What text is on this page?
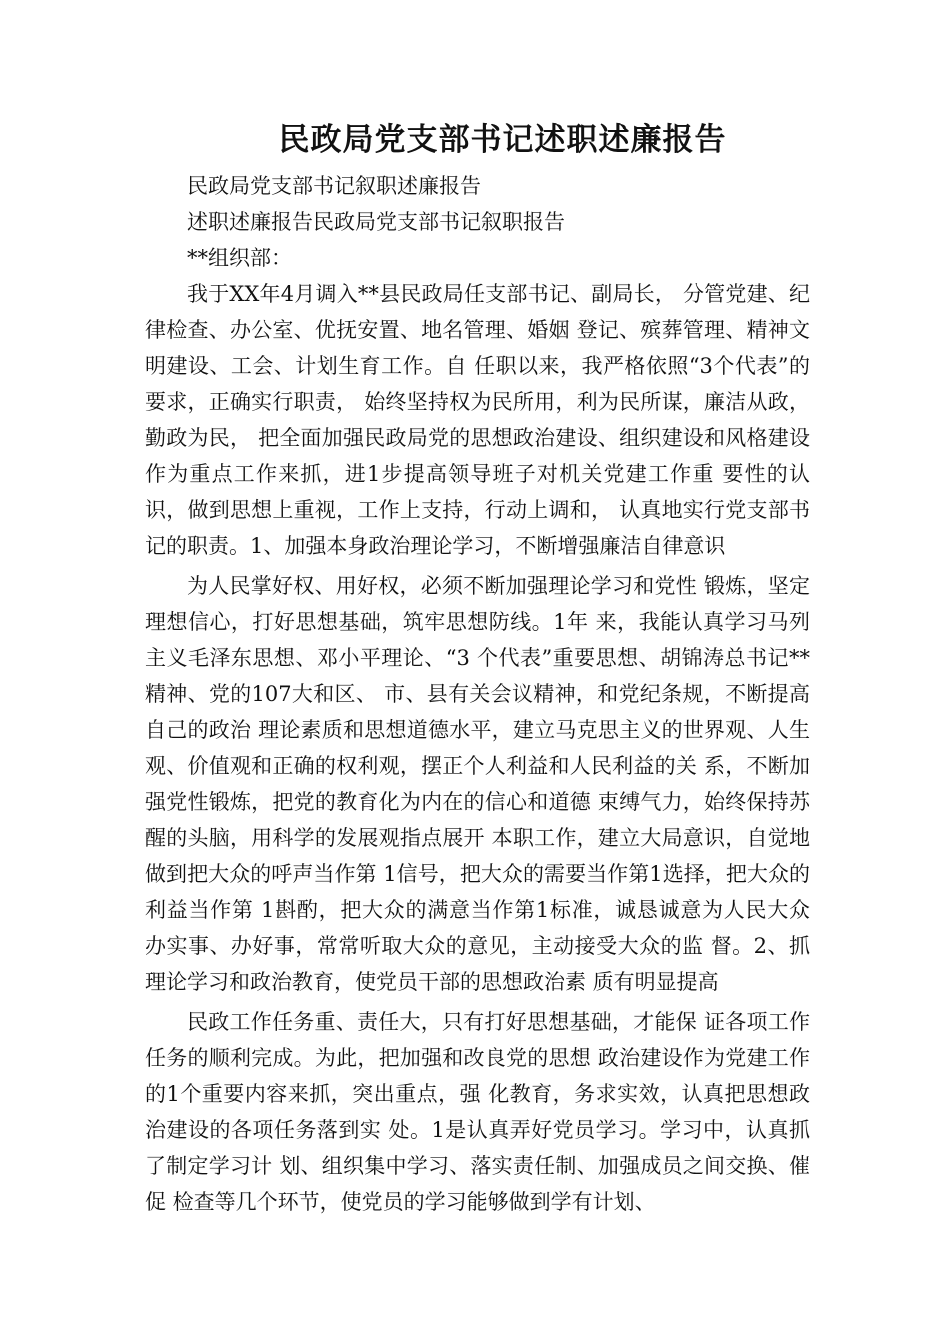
民政局党支部书记述职述廉报告

民政局党支部书记叙职述廉报告

述职述廉报告民政局党支部书记叙职报告

**组织部：

我于XX年4月调入**县民政局任支部书记、副局长， 分管党建、纪律检查、办公室、优抚安置、地名管理、婚姻 登记、殡葬管理、精神文明建设、工会、计划生育工作。自 任职以来，我严格依照“3个代表”的要求，正确实行职责， 始终坚持权为民所用，利为民所谋，廉洁从政，勤政为民， 把全面加强民政局党的思想政治建设、组织建设和风格建设 作为重点工作来抓，进1步提高领导班子对机关党建工作重 要性的认识，做到思想上重视，工作上支持，行动上调和， 认真地实行党支部书记的职责。1、加强本身政治理论学习，不断增强廉洁自律意识

为人民掌好权、用好权，必须不断加强理论学习和党性 锻炼，坚定理想信心，打好思想基础，筑牢思想防线。1年 来，我能认真学习马列主义毛泽东思想、邓小平理论、“3 个代表”重要思想、胡锦涛总书记**精神、党的107大和区、 市、县有关会议精神，和党纪条规，不断提高自己的政治 理论素质和思想道德水平，建立马克思主义的世界观、人生 观、价值观和正确的权利观，摆正个人利益和人民利益的关 系，不断加强党性锻炼，把党的教育化为内在的信心和道德 束缚气力，始终保持苏醒的头脑，用科学的发展观指点展开 本职工作，建立大局意识，自觉地做到把大众的呼声当作第 1信号，把大众的需要当作第1选择，把大众的利益当作第 1斟酌，把大众的满意当作第1标准，诚恳诚意为人民大众 办实事、办好事，常常听取大众的意见，主动接受大众的监 督。2、抓理论学习和政治教育，使党员干部的思想政治素 质有明显提高

民政工作任务重、责任大，只有打好思想基础，才能保 证各项工作任务的顺利完成。为此，把加强和改良党的思想 政治建设作为党建工作的1个重要内容来抓，突出重点，强 化教育，务求实效，认真把思想政治建设的各项任务落到实 处。1是认真弄好党员学习。学习中，认真抓了制定学习计 划、组织集中学习、落实责任制、加强成员之间交换、催促 检查等几个环节，使党员的学习能够做到学有计划、
